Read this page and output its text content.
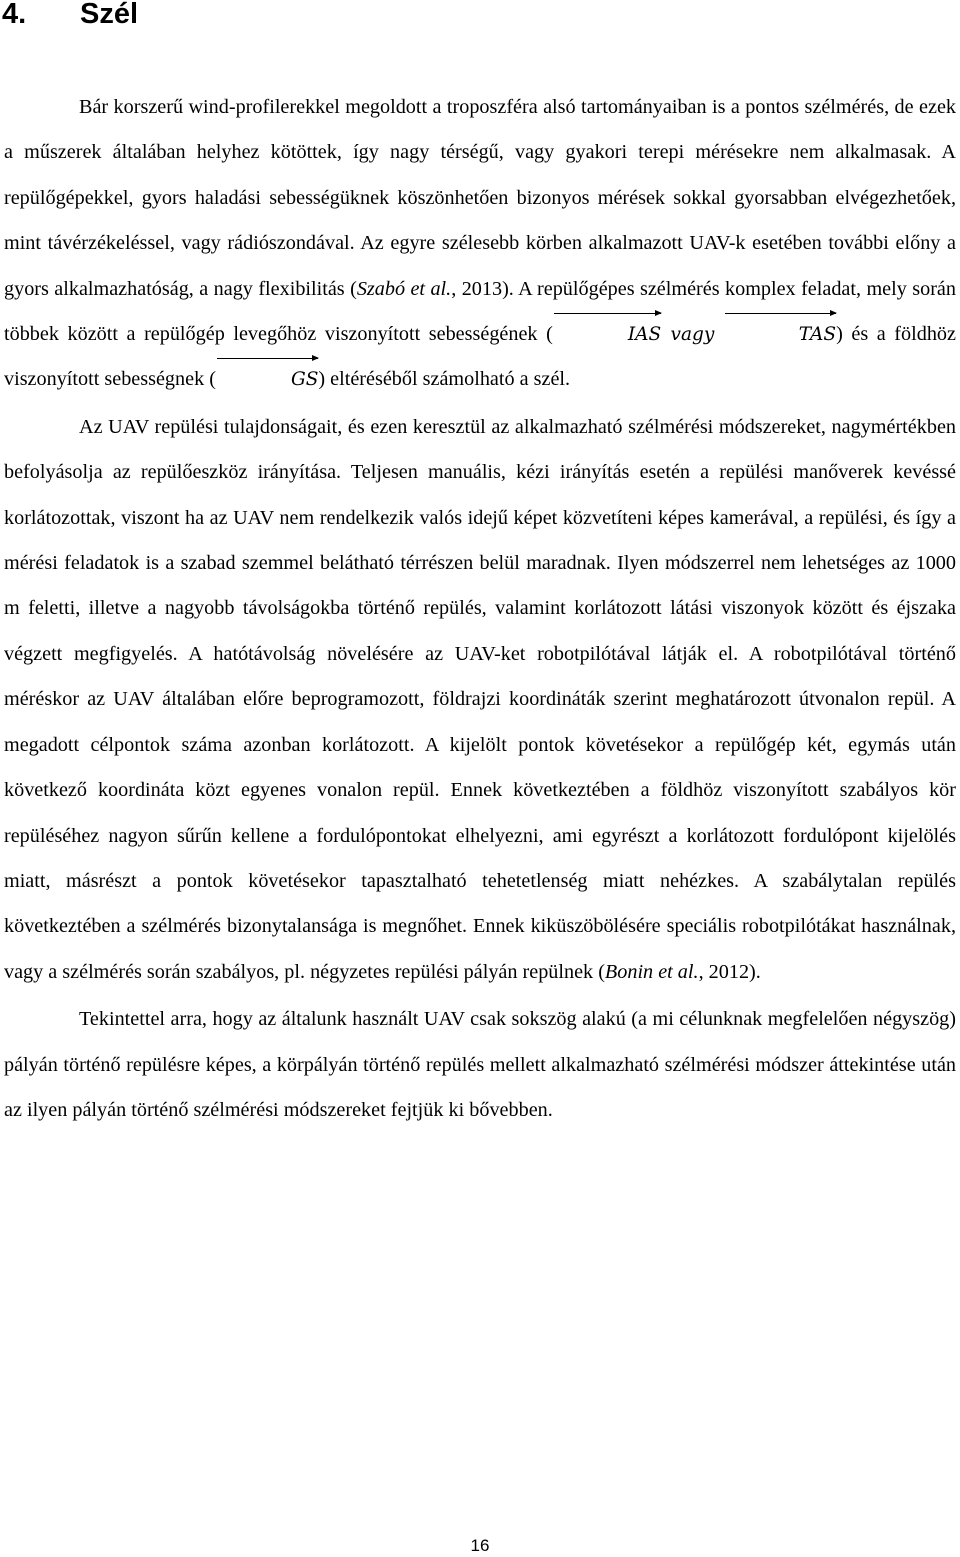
4. Szél

Bár korszerű wind-profilerekkel megoldott a troposzféra alsó tartományaiban is a pontos szélmérés, de ezek a műszerek általában helyhez kötöttek, így nagy térségű, vagy gyakori terepi mérésekre nem alkalmasak. A repülőgépekkel, gyors haladási sebességüknek köszönhetően bizonyos mérések sokkal gyorsabban elvégezhetőek, mint távérzékeléssel, vagy rádiószondával. Az egyre szélesebb körben alkalmazott UAV-k esetében további előny a gyors alkalmazhatóság, a nagy flexibilitás (Szabó et al., 2013). A repülőgépes szélmérés komplex feladat, mely során többek között a repülőgép levegőhöz viszonyított sebességének (	IAS vagy	TAS) és a földhöz viszonyított sebességnek (	GS) eltéréséből számolható a szél.

Az UAV repülési tulajdonságait, és ezen keresztül az alkalmazható szélmérési módszereket, nagymértékben befolyásolja az repülőeszköz irányítása. Teljesen manuális, kézi irányítás esetén a repülési manőverek kevéssé korlátozottak, viszont ha az UAV nem rendelkezik valós idejű képet közvetíteni képes kamerával, a repülési, és így a mérési feladatok is a szabad szemmel belátható térrészen belül maradnak. Ilyen módszerrel nem lehetséges az 1000 m feletti, illetve a nagyobb távolságokba történő repülés, valamint korlátozott látási viszonyok között és éjszaka végzett megfigyelés. A hatótávolság növelésére az UAV-ket robotpilótával látják el. A robotpilótával történő méréskor az UAV általában előre beprogramozott, földrajzi koordináták szerint meghatározott útvonalon repül. A megadott célpontok száma azonban korlátozott. A kijelölt pontok követésekor a repülőgép két, egymás után következő koordináta közt egyenes vonalon repül. Ennek következtében a földhöz viszonyított szabályos kör repüléséhez nagyon sűrűn kellene a fordulópontokat elhelyezni, ami egyrészt a korlátozott fordulópont kijelölés miatt, másrészt a pontok követésekor tapasztalható tehetetlenség miatt nehézkes. A szabálytalan repülés következtében a szélmérés bizonytalansága is megnőhet. Ennek kiküszöbölésére speciális robotpilótákat használnak, vagy a szélmérés során szabályos, pl. négyzetes repülési pályán repülnek (Bonin et al., 2012).

Tekintettel arra, hogy az általunk használt UAV csak sokszög alakú (a mi célunknak megfelelően négyszög) pályán történő repülésre képes, a körpályán történő repülés mellett alkalmazható szélmérési módszer áttekintése után az ilyen pályán történő szélmérési módszereket fejtjük ki bővebben.

16
